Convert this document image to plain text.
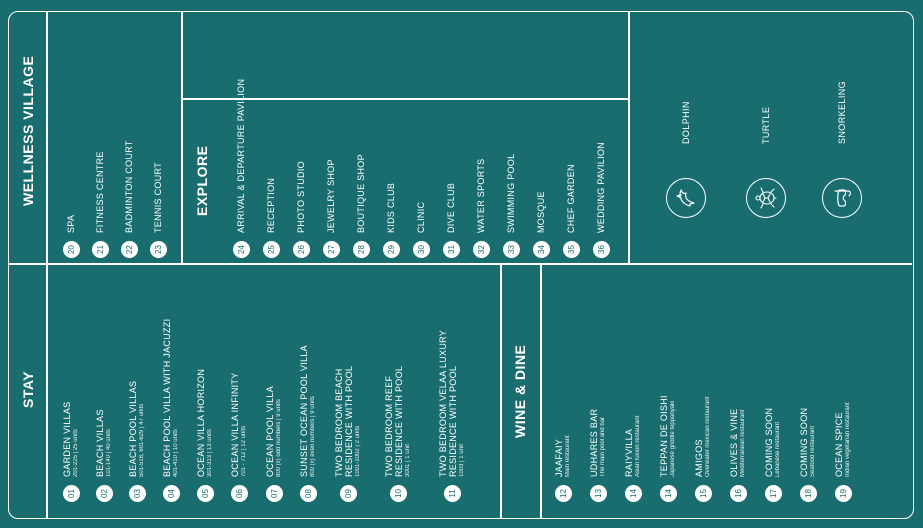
STAY	WINE & DINE
WELLNESS VILLAGE	EXPLORE
01
GARDEN VILLAS 201-225 | 25 units
02
BEACH VILLAS 101-140 | 40 units
03
BEACH POOL VILLAS 501-518, 601-629 | 47 units
04
BEACH POOL VILLA WITH JACUZZI 401-410 | 10 units
05
OCEAN VILLA HORIZON 301-313 | 13 units
06
OCEAN VILLA INFINITY 701 - 712 | 12 units
07
OCEAN POOL VILLA 800 (x) odd numbers | 9 units
08
SUNSET OCEAN POOL VILLA 800 (x) even numbers | 9 units
09
TWO BEDROOM BEACH RESIDENCE WITH POOL 1001-1002 | 2 units
10
TWO BEDROOM REEF RESIDENCE WITH POOL 3001 | 1 unit
11
TWO BEDROOM VELAA LUXURY RESIDENCE WITH POOL 1003 | 1 unit
12
JAAFAIY Main restaurant
13
UDHARES BAR The main pool and bar
14
RAIYVILLA Asian fusion restaurant
14
TEPPAN DE OISHI Japanese griddle teppanyaki
15
AMIGOS Overwater mexican restaurant
16
OLIVES & VINE Mediterranean restaurant
17
COMING SOON Lebanese restaurant
18
COMING SOON Seafood restaurant
19
OCEAN SPICE Indian vegetarian restaurant
20
SPA
21
FITNESS CENTRE
22
BADMINTON COURT
23
TENNIS COURT
24
ARRIVAL & DEPARTURE PAVILION
25
RECEPTION
26
PHOTO STUDIO
27
JEWELRY SHOP
28
BOUTIQUE SHOP
29
KIDS CLUB
30
CLINIC
31
DIVE CLUB
32
WATER SPORTS
33
SWIMMING POOL
34
MOSQUE
35
CHEF GARDEN
36
WEDDING PAVILION
DOLPHIN	TURTLE	SNORKELING
